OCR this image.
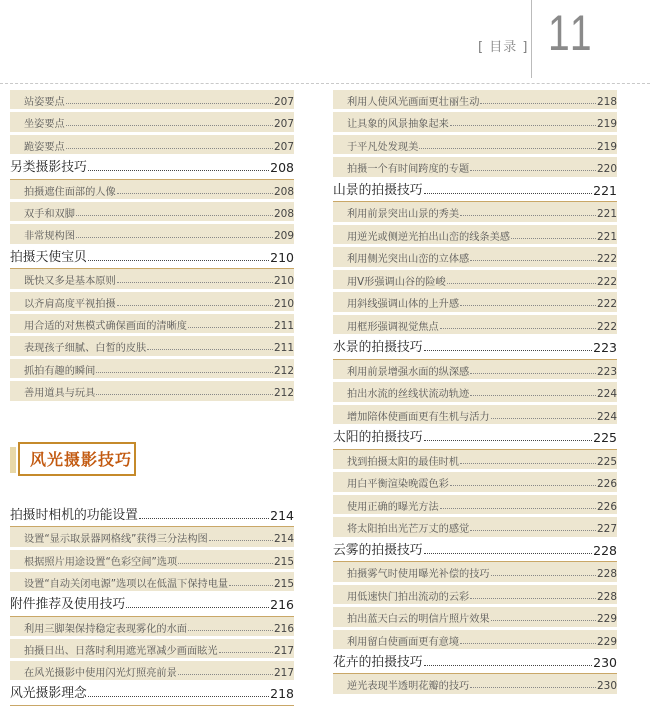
[ 目录 ] 11
风光摄影技巧
站姿要点	207
坐姿要点	207
跪姿要点	207
另类摄影技巧	208
拍摄遮住面部的人像	208
双手和双脚	208
非常规构图	209
拍摄天使宝贝	210
既快又多是基本原则	210
以齐肩高度平视拍摄	210
用合适的对焦模式确保画面的清晰度	211
表现孩子细腻、白皙的皮肤	211
抓拍有趣的瞬间	212
善用道具与玩具	212
拍摄时相机的功能设置	214
设置“显示取景器网格线”获得三分法构图	214
根据照片用途设置“色彩空间”选项	215
设置“自动关闭电源”选项以在低温下保持电量	215
附件推荐及使用技巧	216
利用三脚架保持稳定表现雾化的水面	216
拍摄日出、日落时利用遮光罩减少画面眩光	217
在风光摄影中使用闪光灯照亮前景	217
风光摄影理念	218
利用人使风光画面更壮丽生动	218
让具象的风景抽象起来	219
于平凡处发现美	219
拍摄一个有时间跨度的专题	220
山景的拍摄技巧	221
利用前景突出山景的秀美	221
用逆光或侧逆光拍出山峦的线条美感	221
利用侧光突出山峦的立体感	222
用V形强调山谷的险峻	222
用斜线强调山体的上升感	222
用框形强调视觉焦点	222
水景的拍摄技巧	223
利用前景增强水面的纵深感	223
拍出水流的丝线状流动轨迹	224
增加陪体使画面更有生机与活力	224
太阳的拍摄技巧	225
找到拍摄太阳的最佳时机	225
用白平衡渲染晚霞色彩	226
使用正确的曝光方法	226
将太阳拍出光芒万丈的感觉	227
云雾的拍摄技巧	228
拍摄雾气时使用曝光补偿的技巧	228
用低速快门拍出流动的云彩	228
拍出蓝天白云的明信片照片效果	229
利用留白使画面更有意境	229
花卉的拍摄技巧	230
逆光表现半透明花瓣的技巧	230
